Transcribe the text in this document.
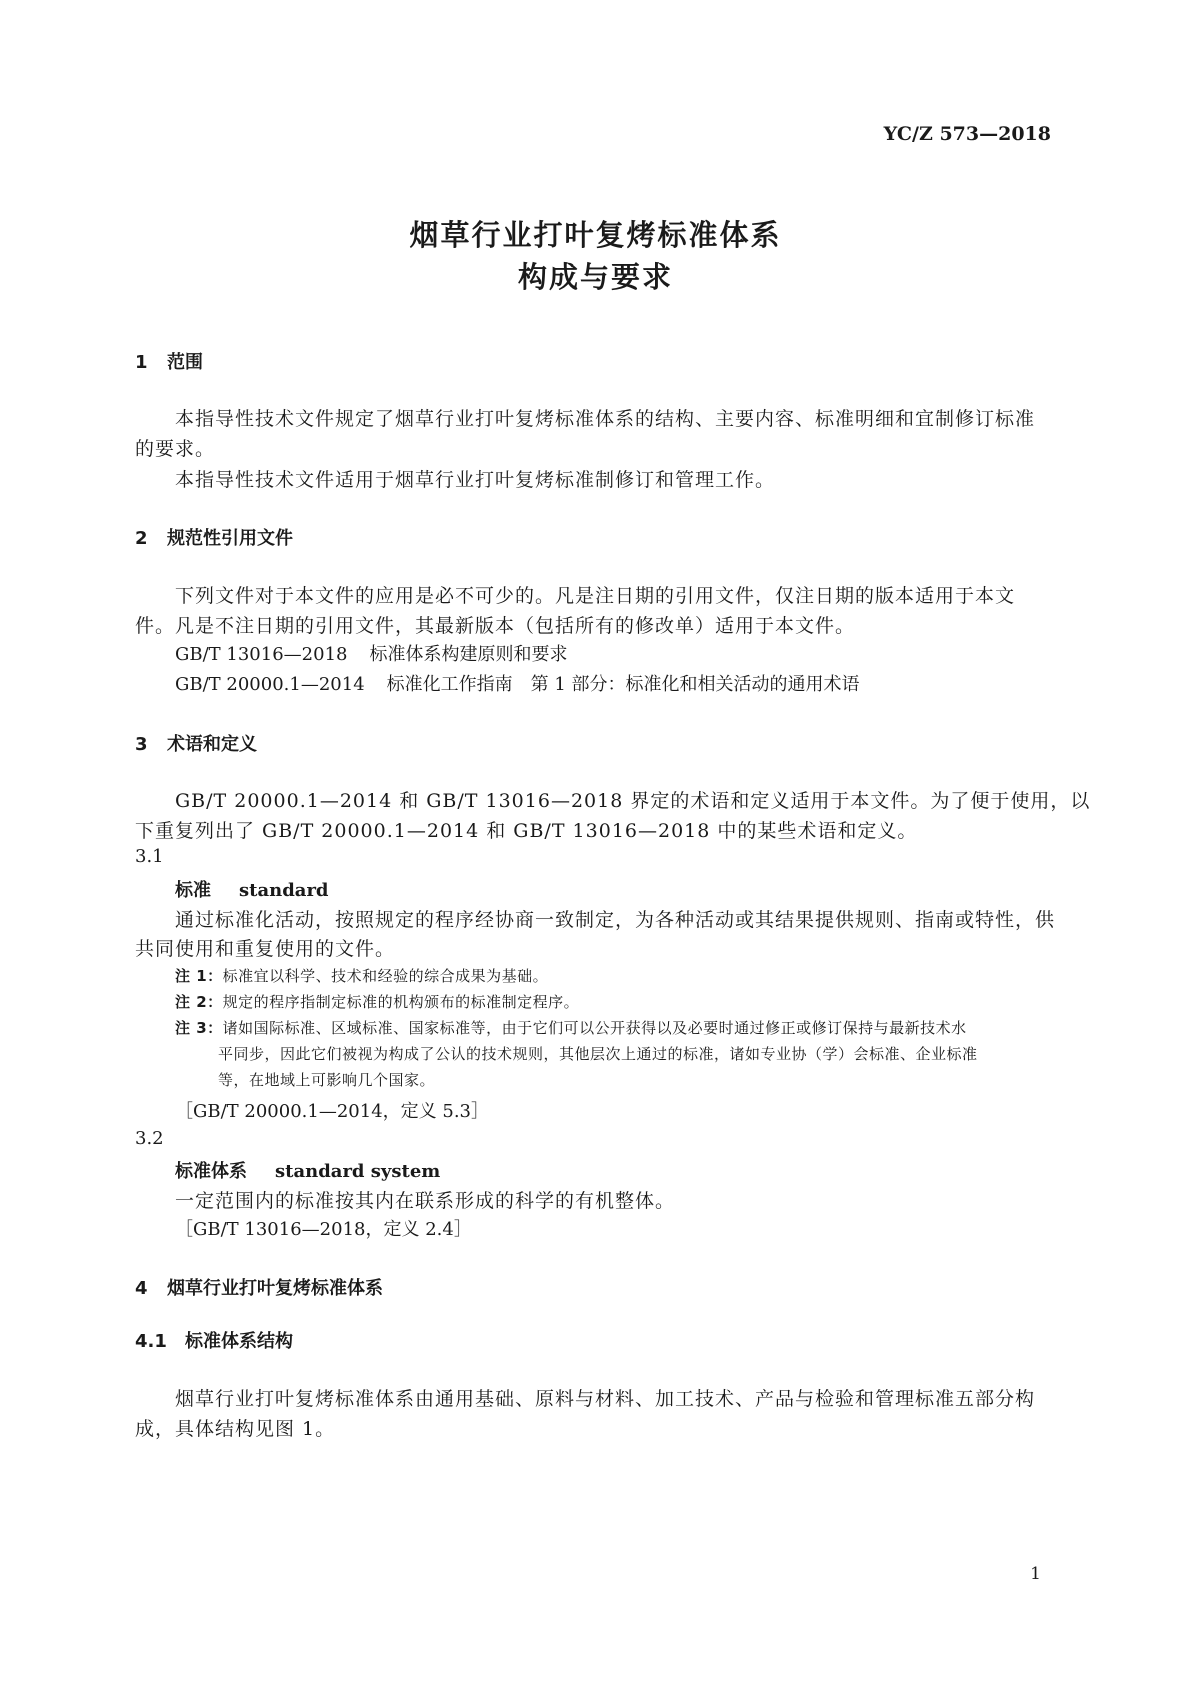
YC/Z 573—2018
烟草行业打叶复烤标准体系
构成与要求
1 范围
本指导性技术文件规定了烟草行业打叶复烤标准体系的结构、主要内容、标准明细和宜制修订标准
的要求。
本指导性技术文件适用于烟草行业打叶复烤标准制修订和管理工作。
2 规范性引用文件
下列文件对于本文件的应用是必不可少的。凡是注日期的引用文件，仅注日期的版本适用于本文
件。凡是不注日期的引用文件，其最新版本（包括所有的修改单）适用于本文件。
GB/T 13016—2018 标准体系构建原则和要求
GB/T 20000.1—2014 标准化工作指南　第 1 部分：标准化和相关活动的通用术语
3 术语和定义
GB/T 20000.1—2014 和 GB/T 13016—2018 界定的术语和定义适用于本文件。为了便于使用，以
下重复列出了 GB/T 20000.1—2014 和 GB/T 13016—2018 中的某些术语和定义。
3.1
标准 standard
通过标准化活动，按照规定的程序经协商一致制定，为各种活动或其结果提供规则、指南或特性，供
共同使用和重复使用的文件。
注 1：标准宜以科学、技术和经验的综合成果为基础。
注 2：规定的程序指制定标准的机构颁布的标准制定程序。
注 3：诸如国际标准、区域标准、国家标准等，由于它们可以公开获得以及必要时通过修正或修订保持与最新技术水
平同步，因此它们被视为构成了公认的技术规则，其他层次上通过的标准，诸如专业协（学）会标准、企业标准
等，在地域上可影响几个国家。
［GB/T 20000.1—2014，定义 5.3］
3.2
标准体系 standard system
一定范围内的标准按其内在联系形成的科学的有机整体。
［GB/T 13016—2018，定义 2.4］
4 烟草行业打叶复烤标准体系
4.1 标准体系结构
烟草行业打叶复烤标准体系由通用基础、原料与材料、加工技术、产品与检验和管理标准五部分构
成，具体结构见图 1。
1
